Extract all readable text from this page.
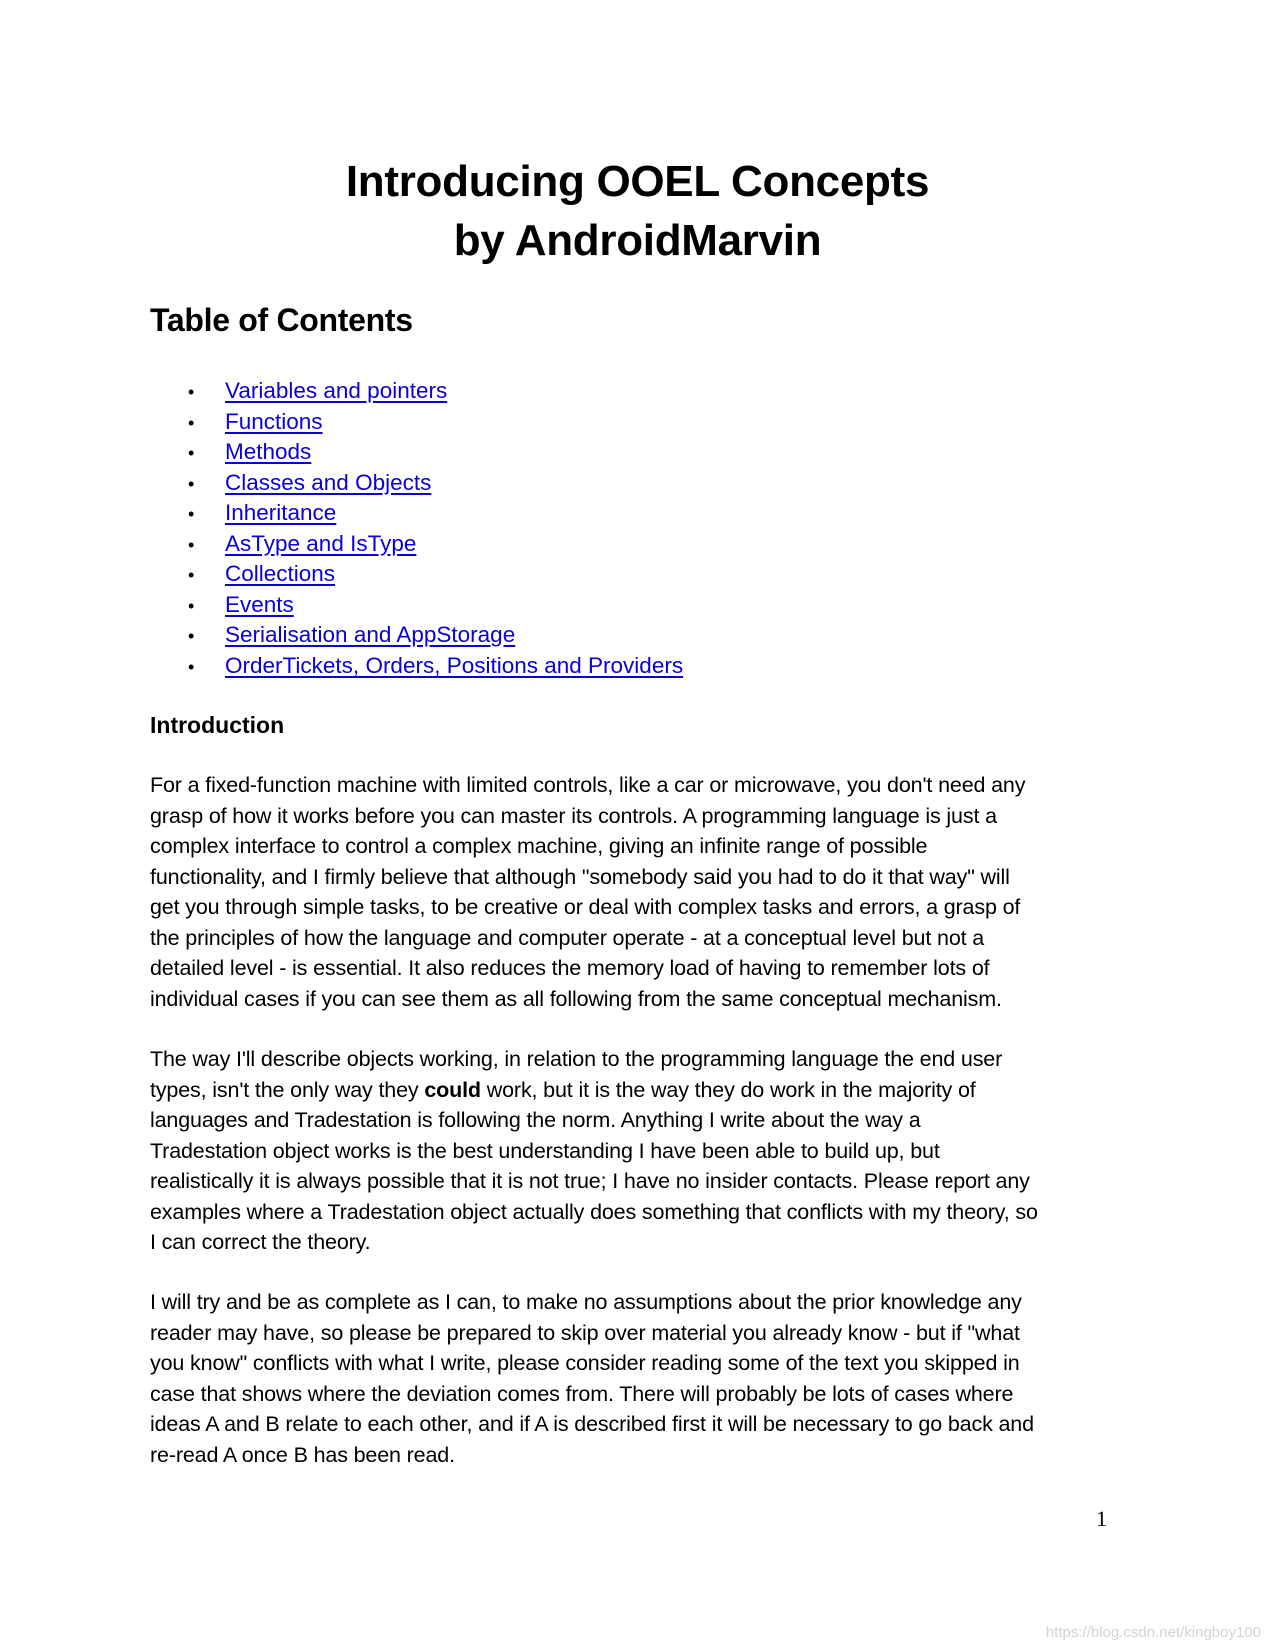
Introducing OOEL Concepts
by AndroidMarvin
Table of Contents
• Variables and pointers
• Functions
• Methods
• Classes and Objects
• Inheritance
• AsType and IsType
• Collections
• Events
• Serialisation and AppStorage
• OrderTickets, Orders, Positions and Providers
Introduction

For a fixed-function machine with limited controls, like a car or microwave, you don't need any
grasp of how it works before you can master its controls. A programming language is just a
complex interface to control a complex machine, giving an infinite range of possible
functionality, and I firmly believe that although "somebody said you had to do it that way" will
get you through simple tasks, to be creative or deal with complex tasks and errors, a grasp of
the principles of how the language and computer operate - at a conceptual level but not a
detailed level - is essential. It also reduces the memory load of having to remember lots of
individual cases if you can see them as all following from the same conceptual mechanism.

The way I'll describe objects working, in relation to the programming language the end user
types, isn't the only way they could work, but it is the way they do work in the majority of
languages and Tradestation is following the norm. Anything I write about the way a
Tradestation object works is the best understanding I have been able to build up, but
realistically it is always possible that it is not true; I have no insider contacts. Please report any
examples where a Tradestation object actually does something that conflicts with my theory, so
I can correct the theory.

I will try and be as complete as I can, to make no assumptions about the prior knowledge any
reader may have, so please be prepared to skip over material you already know - but if "what
you know" conflicts with what I write, please consider reading some of the text you skipped in
case that shows where the deviation comes from. There will probably be lots of cases where
ideas A and B relate to each other, and if A is described first it will be necessary to go back and
re-read A once B has been read.

1
https://blog.csdn.net/kingboy100
